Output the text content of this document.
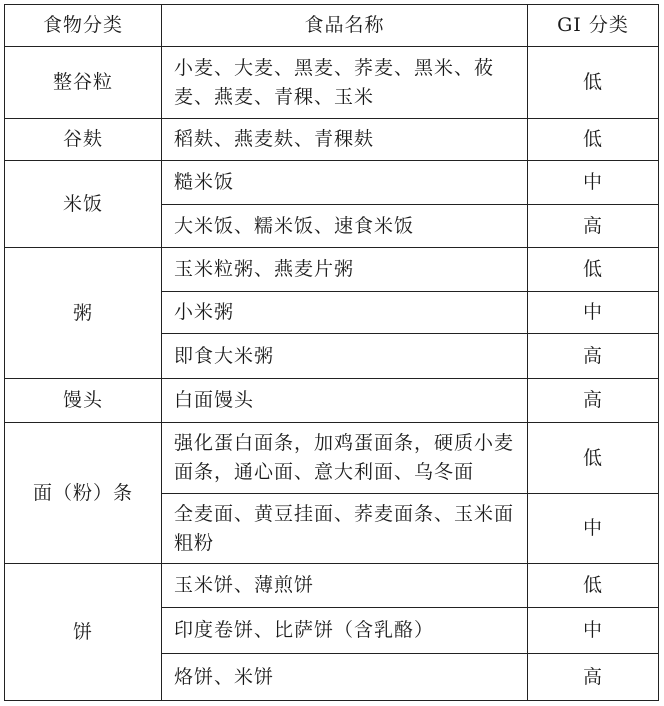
食物分类	食品名称	GI 分类
整谷粒	小麦、大麦、黑麦、荞麦、黑米、莜麦、燕麦、青稞、玉米	低
谷麸	稻麸、燕麦麸、青稞麸	低
米饭	糙米饭	中
	大米饭、糯米饭、速食米饭	高
粥	玉米粒粥、燕麦片粥	低
	小米粥	中
	即食大米粥	高
馒头	白面馒头	高
面（粉）条	强化蛋白面条，加鸡蛋面条，硬质小麦面条，通心面、意大利面、乌冬面	低
	全麦面、黄豆挂面、荞麦面条、玉米面粗粉	中
饼	玉米饼、薄煎饼	低
	印度卷饼、比萨饼（含乳酪）	中
	烙饼、米饼	高
